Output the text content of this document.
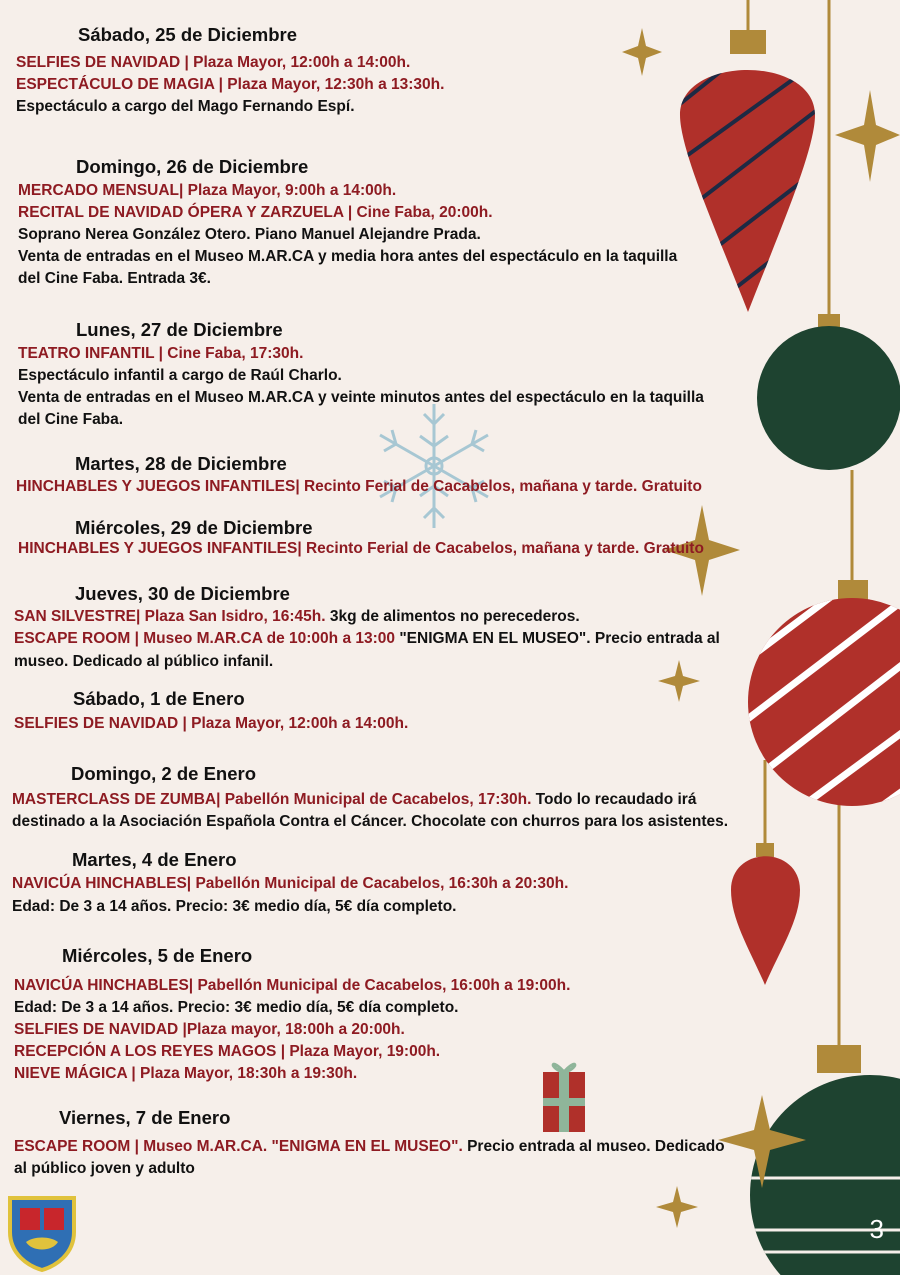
Sábado, 25 de Diciembre
SELFIES DE NAVIDAD | Plaza Mayor, 12:00h a 14:00h.
ESPECTÁCULO DE MAGIA | Plaza Mayor, 12:30h a 13:30h.
Espectáculo a cargo del Mago Fernando Espí.
Domingo, 26 de Diciembre
MERCADO MENSUAL| Plaza Mayor, 9:00h a 14:00h.
RECITAL DE NAVIDAD ÓPERA Y ZARZUELA | Cine Faba, 20:00h.
Soprano Nerea González Otero. Piano Manuel Alejandre Prada.
Venta de entradas en el Museo M.AR.CA y media hora antes del espectáculo en la taquilla
del Cine Faba. Entrada 3€.
Lunes, 27 de Diciembre
TEATRO INFANTIL | Cine Faba, 17:30h.
Espectáculo infantil a cargo de Raúl Charlo.
Venta de entradas en el Museo M.AR.CA y veinte minutos antes del espectáculo en la taquilla
del Cine Faba.
Martes, 28 de Diciembre
HINCHABLES Y JUEGOS INFANTILES| Recinto Ferial de Cacabelos, mañana y tarde. Gratuito
Miércoles, 29 de Diciembre
HINCHABLES Y JUEGOS INFANTILES| Recinto Ferial de Cacabelos, mañana y tarde. Gratuito
Jueves, 30 de Diciembre
SAN SILVESTRE| Plaza San Isidro, 16:45h. 3kg de alimentos no perecederos.
ESCAPE ROOM | Museo M.AR.CA de 10:00h a 13:00 "ENIGMA EN EL MUSEO". Precio entrada al
museo. Dedicado al público infanil.
Sábado, 1 de Enero
SELFIES DE NAVIDAD | Plaza Mayor, 12:00h a 14:00h.
Domingo, 2 de Enero
MASTERCLASS DE ZUMBA| Pabellón Municipal de Cacabelos, 17:30h. Todo lo recaudado irá
destinado a la Asociación Española Contra el Cáncer. Chocolate con churros para los asistentes.
Martes, 4 de Enero
NAVICÚA HINCHABLES| Pabellón Municipal de Cacabelos, 16:30h a 20:30h.
Edad: De 3 a 14 años. Precio: 3€ medio día, 5€ día completo.
Miércoles, 5 de Enero
NAVICÚA HINCHABLES| Pabellón Municipal de Cacabelos, 16:00h a 19:00h.
Edad: De 3 a 14 años. Precio: 3€ medio día, 5€ día completo.
SELFIES DE NAVIDAD |Plaza mayor, 18:00h a 20:00h.
RECEPCIÓN A LOS REYES MAGOS | Plaza Mayor, 19:00h.
NIEVE MÁGICA | Plaza Mayor, 18:30h a 19:30h.
Viernes, 7 de Enero
ESCAPE ROOM | Museo M.AR.CA. "ENIGMA EN EL MUSEO". Precio entrada al museo. Dedicado
al público joven y adulto
3
